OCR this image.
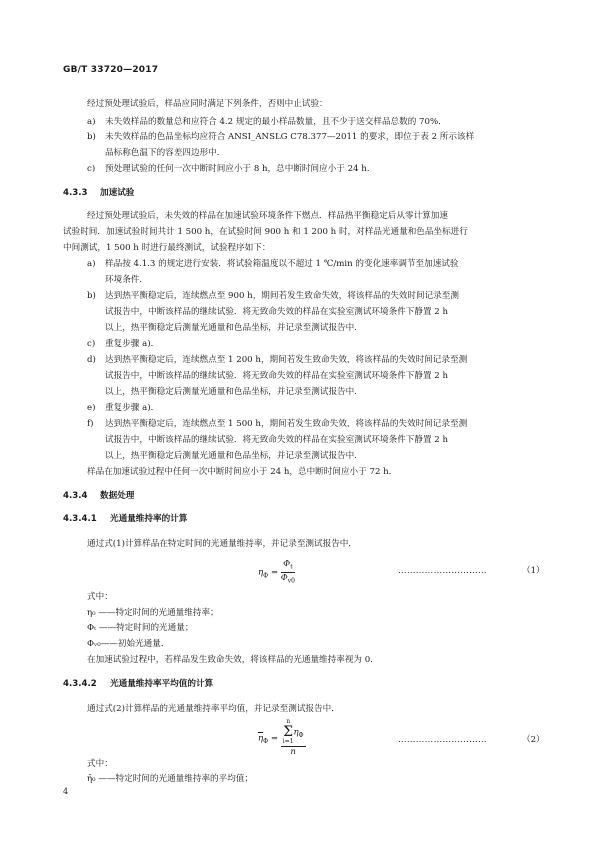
GB/T 33720—2017
经过预处理试验后，样品应同时满足下列条件，否则中止试验：
a) 未失效样品的数量总和应符合 4.2 规定的最小样品数量，且不少于送交样品总数的 70%．
b) 未失效样品的色品坐标均应符合 ANSI_ANSLG C78.377—2011 的要求，即位于表 2 所示该样
品标称色温下的容差四边形中．
c) 预处理试验的任何一次中断时间应小于 8 h，总中断时间应小于 24 h．
4.3.3 加速试验
经过预处理试验后，未失效的样品在加速试验环境条件下燃点．样品热平衡稳定后从零计算加速
试验时间．加速试验时间共计 1 500 h，在试验时间 900 h 和 1 200 h 时，对样品光通量和色品坐标进行
中间测试，1 500 h 时进行最终测试，试验程序如下：
a) 样品按 4.1.3 的规定进行安装．将试验箱温度以不超过 1 ℃/min 的变化速率调节至加速试验
环境条件．
b) 达到热平衡稳定后，连续燃点至 900 h，期间若发生致命失效，将该样品的失效时间记录至测
试报告中，中断该样品的继续试验．将无致命失效的样品在实验室测试环境条件下静置 2 h
以上，热平衡稳定后测量光通量和色品坐标，并记录至测试报告中．
c) 重复步骤 a)．
d) 达到热平衡稳定后，连续燃点至 1 200 h，期间若发生致命失效，将该样品的失效时间记录至测
试报告中，中断该样品的继续试验．将无致命失效的样品在实验室测试环境条件下静置 2 h
以上，热平衡稳定后测量光通量和色品坐标，并记录至测试报告中．
e) 重复步骤 a)．
f) 达到热平衡稳定后，连续燃点至 1 500 h，期间若发生致命失效，将该样品的失效时间记录至测
试报告中，中断该样品的继续试验．将无致命失效的样品在实验室测试环境条件下静置 2 h
以上，热平衡稳定后测量光通量和色品坐标，并记录至测试报告中．
样品在加速试验过程中任何一次中断时间应小于 24 h，总中断时间应小于 72 h．
4.3.4 数据处理
4.3.4.1 光通量维持率的计算
通过式(1)计算样品在特定时间的光通量维持率，并记录至测试报告中．
$\eta_\Phi = \frac{\Phi_t}{\Phi_{v0}}$	…………………………	（1）
式中：
η₀ ——特定时间的光通量维持率；
Φₜ ——特定时间的光通量；
Φᵥ₀——初始光通量．
在加速试验过程中，若样品发生致命失效，将该样品的光通量维持率视为 0．
4.3.4.2 光通量维持率平均值的计算
通过式(2)计算样品的光通量维持率平均值，并记录至测试报告中．
$\overline{\eta}_\Phi = n$
Σ
i=1
$\eta_\Phi$
n	…………………………	（2）
式中：
η̄₀ ——特定时间的光通量维持率的平均值；
4
